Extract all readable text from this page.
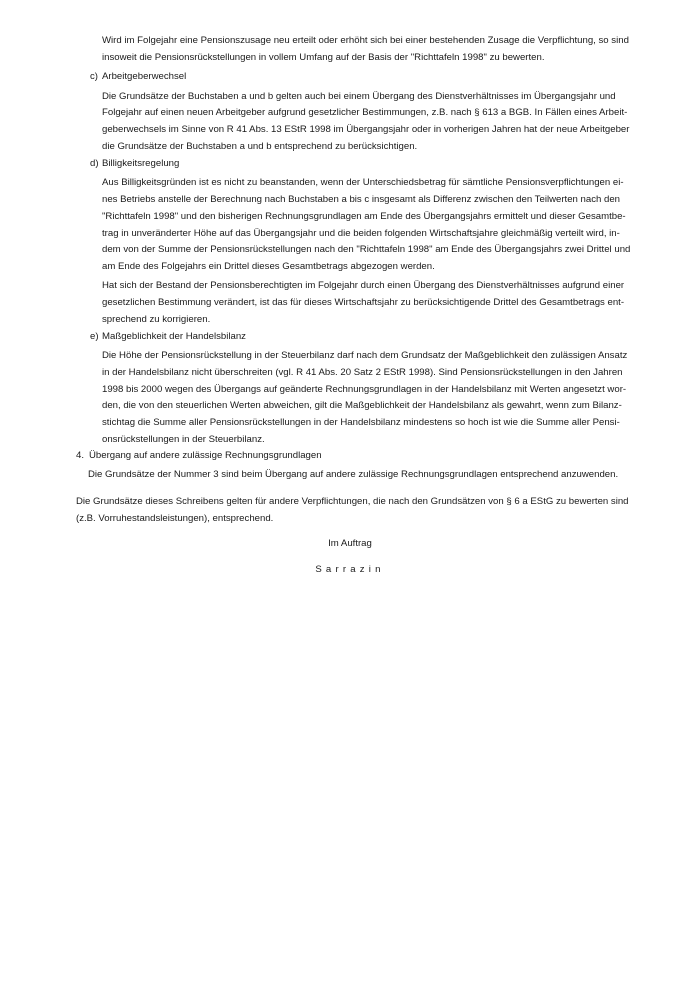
Wird im Folgejahr eine Pensionszusage neu erteilt oder erhöht sich bei einer bestehenden Zusage die Verpflichtung, so sind
insoweit die Pensionsrückstellungen in vollem Umfang auf der Basis der "Richttafeln 1998" zu bewerten.
c) Arbeitgeberwechsel
Die Grundsätze der Buchstaben a und b gelten auch bei einem Übergang des Dienstverhältnisses im Übergangsjahr und
Folgejahr auf einen neuen Arbeitgeber aufgrund gesetzlicher Bestimmungen, z.B. nach § 613 a BGB. In Fällen eines Arbeit-
geberwechsels im Sinne von R 41 Abs. 13 EStR 1998 im Übergangsjahr oder in vorherigen Jahren hat der neue Arbeitgeber
die Grundsätze der Buchstaben a und b entsprechend zu berücksichtigen.
d) Billigkeitsregelung
Aus Billigkeitsgründen ist es nicht zu beanstanden, wenn der Unterschiedsbetrag für sämtliche Pensionsverpflichtungen ei-
nes Betriebs anstelle der Berechnung nach Buchstaben a bis c insgesamt als Differenz zwischen den Teilwerten nach den
"Richttafeln 1998" und den bisherigen Rechnungsgrundlagen am Ende des Übergangsjahrs ermittelt und dieser Gesamtbe-
trag in unveränderter Höhe auf das Übergangsjahr und die beiden folgenden Wirtschaftsjahre gleichmäßig verteilt wird, in-
dem von der Summe der Pensionsrückstellungen nach den "Richttafeln 1998" am Ende des Übergangsjahrs zwei Drittel und
am Ende des Folgejahrs ein Drittel dieses Gesamtbetrags abgezogen werden.
Hat sich der Bestand der Pensionsberechtigten im Folgejahr durch einen Übergang des Dienstverhältnisses aufgrund einer
gesetzlichen Bestimmung verändert, ist das für dieses Wirtschaftsjahr zu berücksichtigende Drittel des Gesamtbetrags ent-
sprechend zu korrigieren.
e) Maßgeblichkeit der Handelsbilanz
Die Höhe der Pensionsrückstellung in der Steuerbilanz darf nach dem Grundsatz der Maßgeblichkeit den zulässigen Ansatz
in der Handelsbilanz nicht überschreiten (vgl. R 41 Abs. 20 Satz 2 EStR 1998). Sind Pensionsrückstellungen in den Jahren
1998 bis 2000 wegen des Übergangs auf geänderte Rechnungsgrundlagen in der Handelsbilanz mit Werten angesetzt wor-
den, die von den steuerlichen Werten abweichen, gilt die Maßgeblichkeit der Handelsbilanz als gewahrt, wenn zum Bilanz-
stichtag die Summe aller Pensionsrückstellungen in der Handelsbilanz mindestens so hoch ist wie die Summe aller Pensi-
onsrückstellungen in der Steuerbilanz.
4. Übergang auf andere zulässige Rechnungsgrundlagen
Die Grundsätze der Nummer 3 sind beim Übergang auf andere zulässige Rechnungsgrundlagen entsprechend anzuwenden.
Die Grundsätze dieses Schreibens gelten für andere Verpflichtungen, die nach den Grundsätzen von § 6 a EStG zu bewerten sind
(z.B. Vorruhestandsleistungen), entsprechend.
Im Auftrag
Sarrazin
